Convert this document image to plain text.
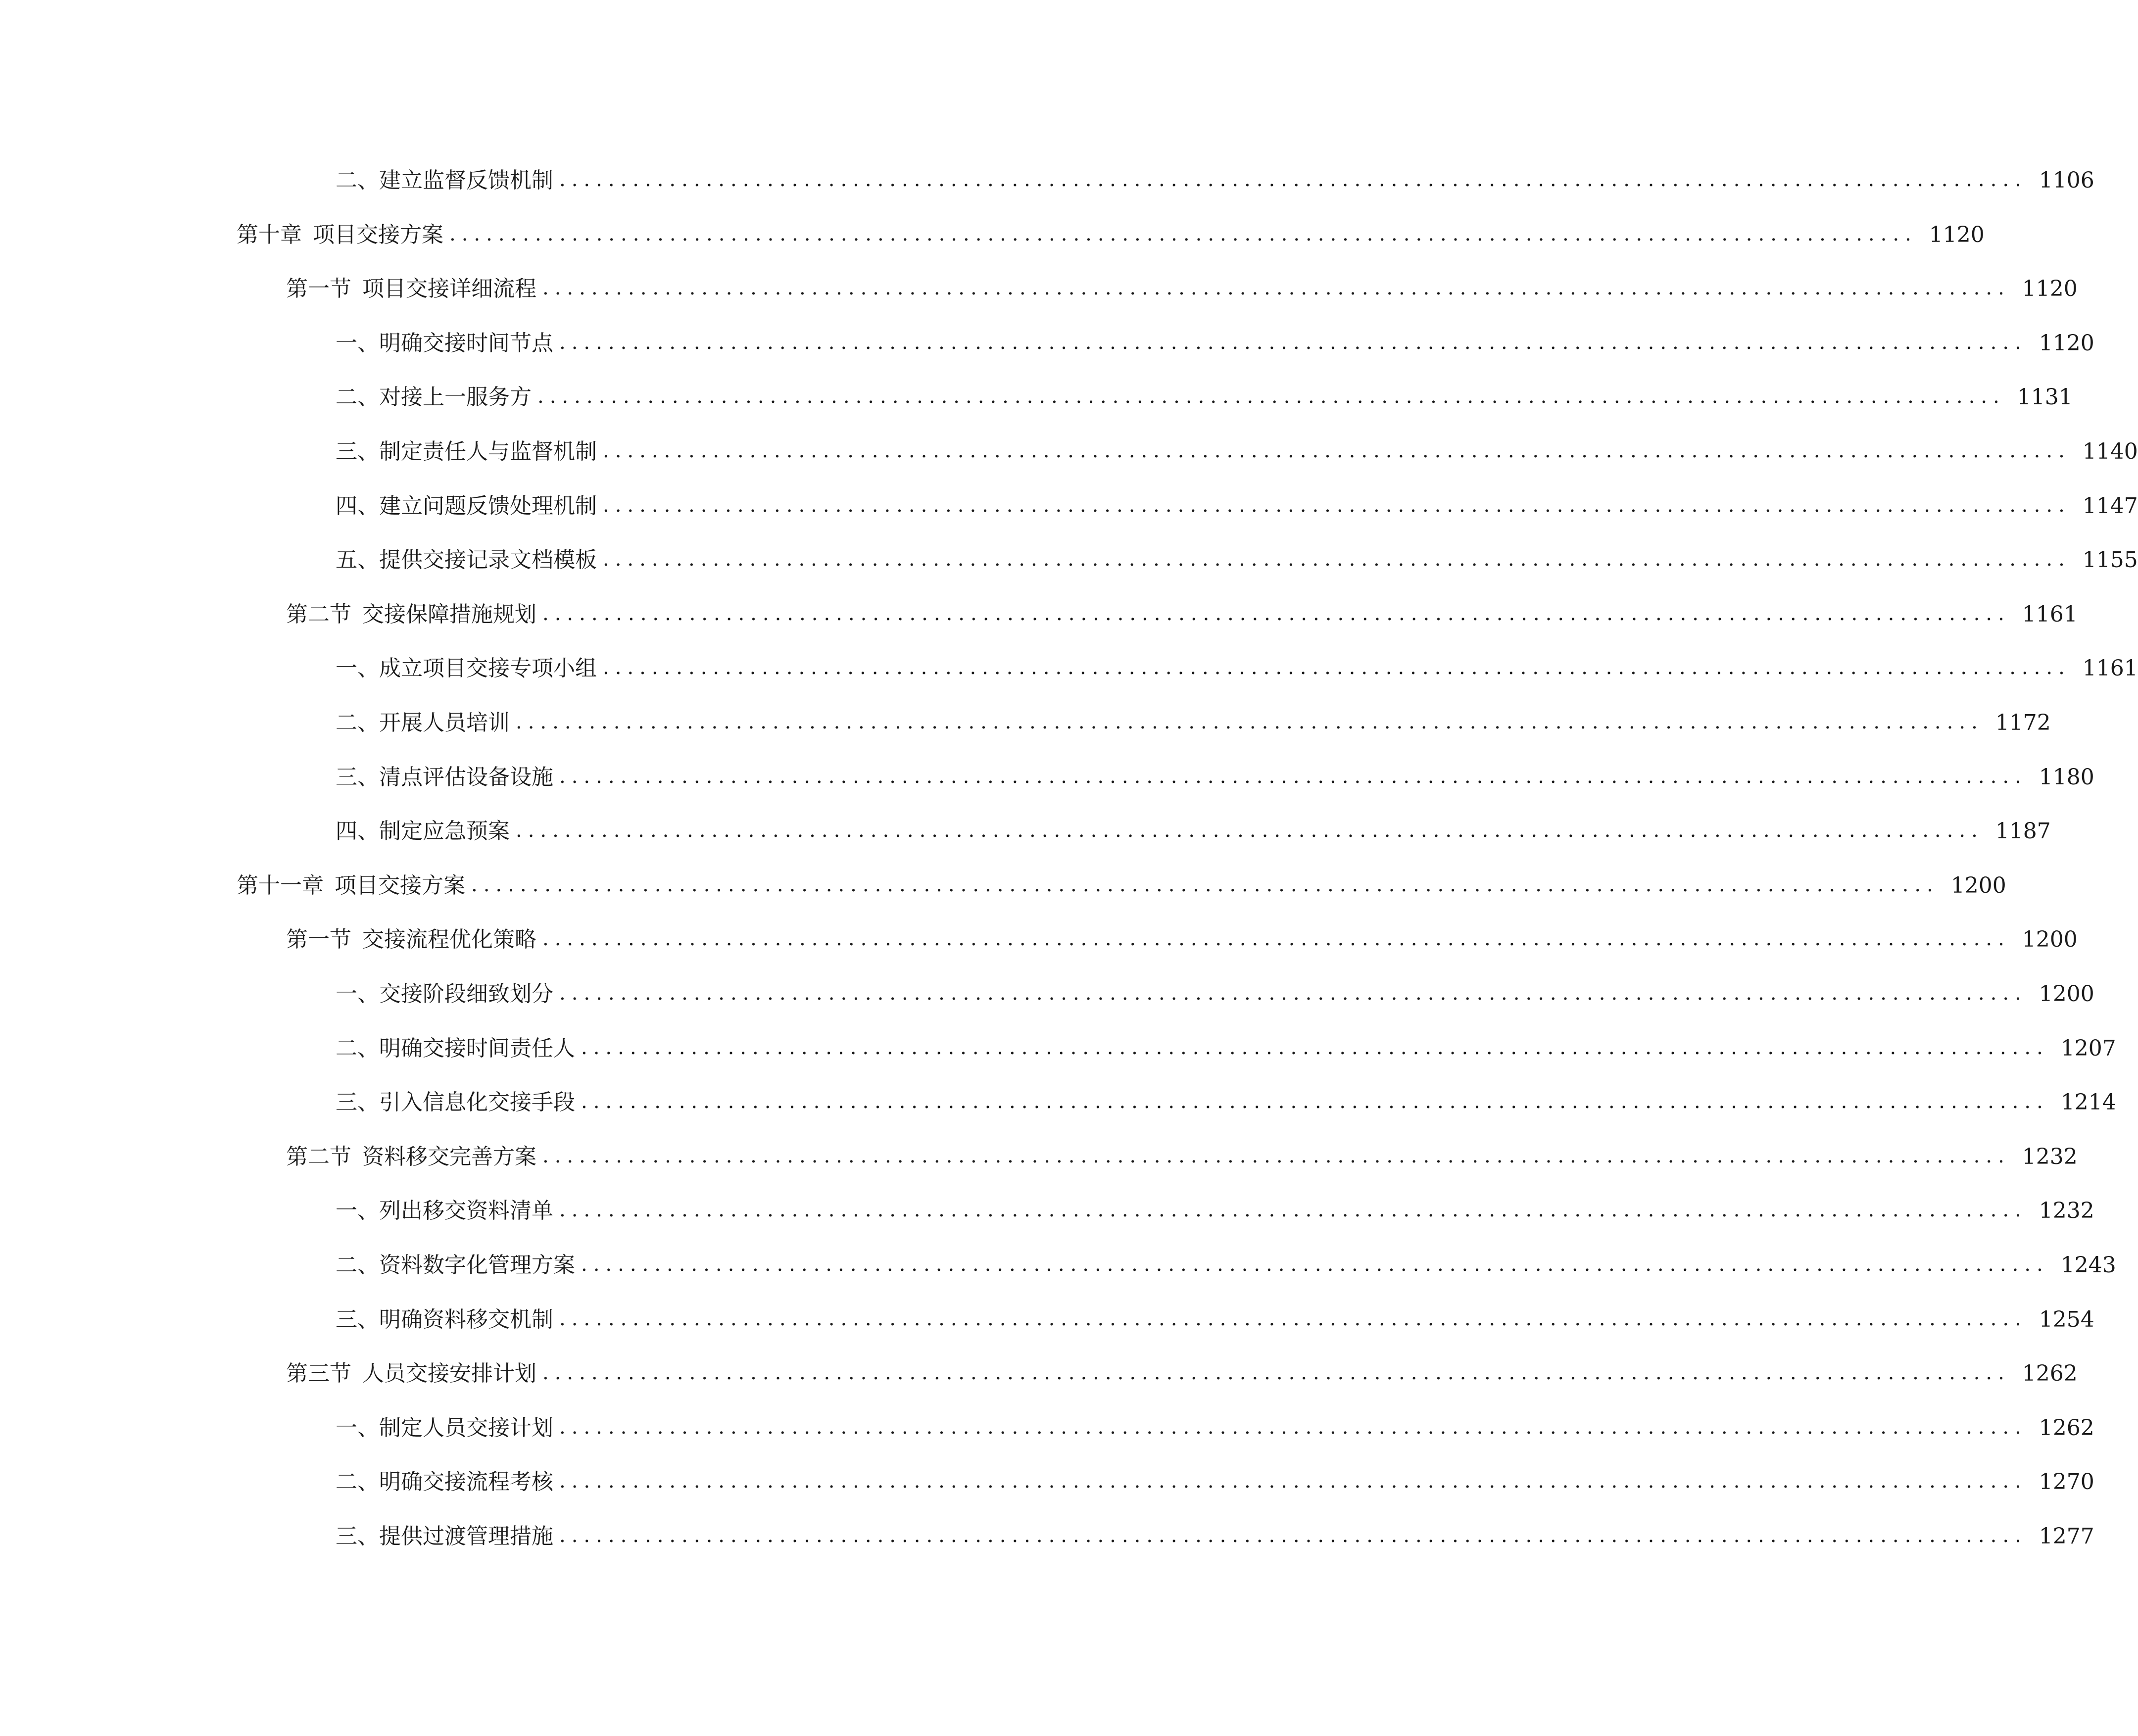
二、 建立监督反馈机制 ........................................................................................................................ 1106
第十章 项目交接方案 ........................................................................................................................ 1120
第一节 项目交接详细流程 ........................................................................................................................ 1120
一、 明确交接时间节点 ........................................................................................................................ 1120
二、 对接上一服务方 ........................................................................................................................ 1131
三、 制定责任人与监督机制 ........................................................................................................................ 1140
四、 建立问题反馈处理机制 ........................................................................................................................ 1147
五、 提供交接记录文档模板 ........................................................................................................................ 1155
第二节 交接保障措施规划 ........................................................................................................................ 1161
一、 成立项目交接专项小组 ........................................................................................................................ 1161
二、 开展人员培训 ........................................................................................................................ 1172
三、 清点评估设备设施 ........................................................................................................................ 1180
四、 制定应急预案 ........................................................................................................................ 1187
第十一章 项目交接方案 ........................................................................................................................ 1200
第一节 交接流程优化策略 ........................................................................................................................ 1200
一、 交接阶段细致划分 ........................................................................................................................ 1200
二、 明确交接时间责任人 ........................................................................................................................ 1207
三、 引入信息化交接手段 ........................................................................................................................ 1214
第二节 资料移交完善方案 ........................................................................................................................ 1232
一、 列出移交资料清单 ........................................................................................................................ 1232
二、 资料数字化管理方案 ........................................................................................................................ 1243
三、 明确资料移交机制 ........................................................................................................................ 1254
第三节 人员交接安排计划 ........................................................................................................................ 1262
一、 制定人员交接计划 ........................................................................................................................ 1262
二、 明确交接流程考核 ........................................................................................................................ 1270
三、 提供过渡管理措施 ........................................................................................................................ 1277
